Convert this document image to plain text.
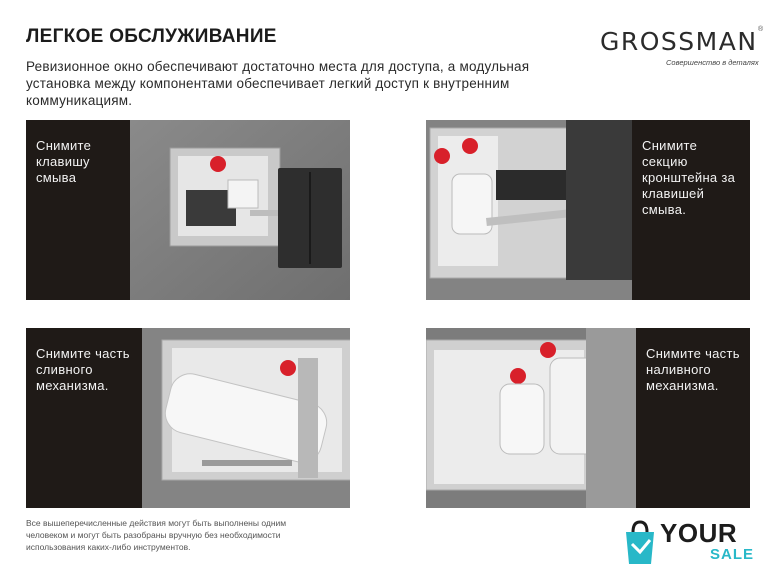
ЛЕГКОЕ ОБСЛУЖИВАНИЕ

Ревизионное окно обеспечивают достаточно места для доступа, а модульная установка между компонентами обеспечивает легкий доступ к внутренним коммуникациям.

GROSSMAN ®
Совершенство в деталях

Снимите клавишу смыва

Снимите секцию кронштейна за клавишей смыва.

Снимите часть сливного механизма.

Снимите часть наливного механизма.

Все вышеперечисленные действия могут быть выполнены одним человеком и могут быть разобраны вручную без необходимости использования каких-либо инструментов.	YOUR
SALE
